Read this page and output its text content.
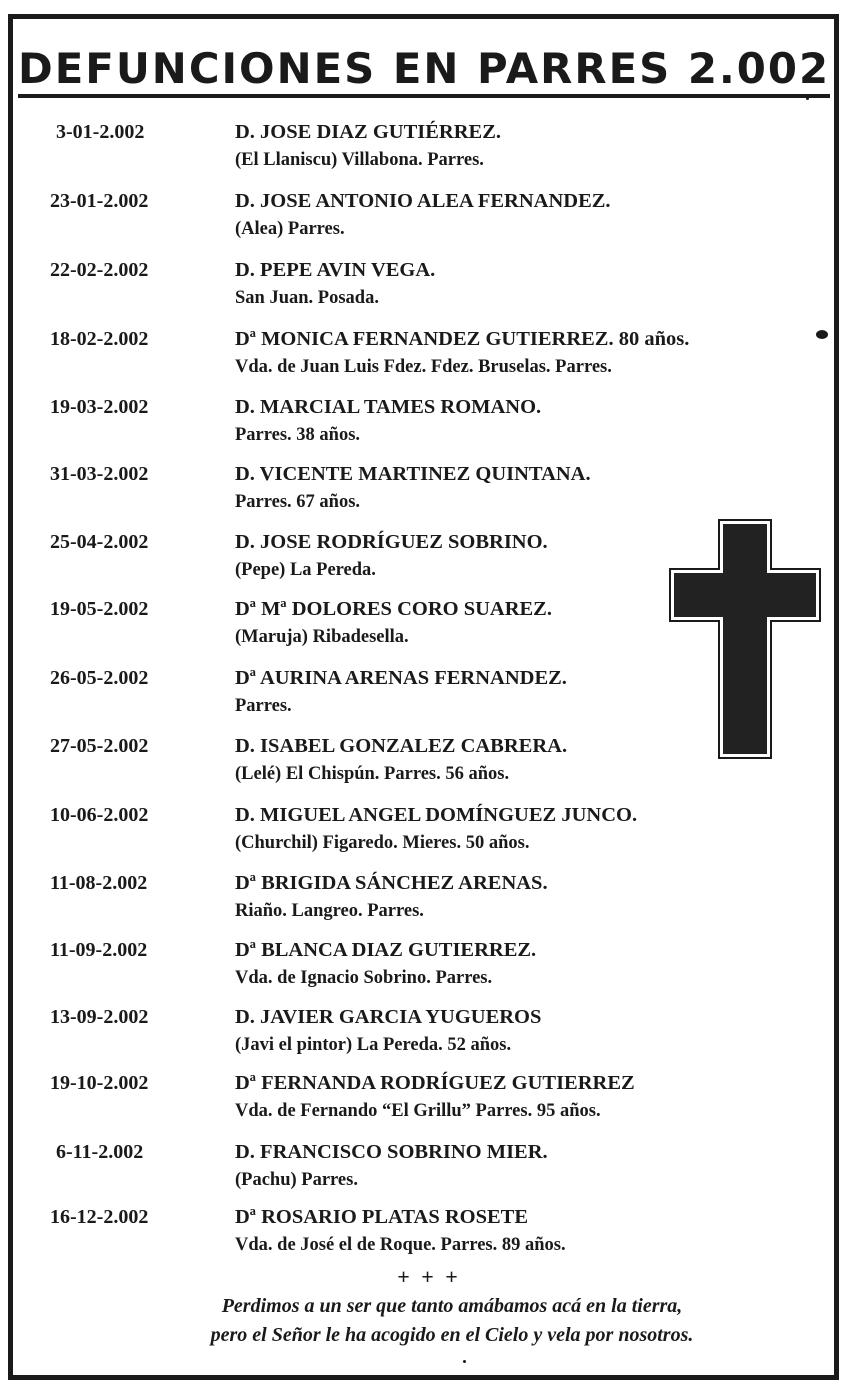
DEFUNCIONES EN PARRES 2.002
3-01-2.002	D. JOSE DIAZ GUTIÉRREZ.
(El Llaniscu) Villabona. Parres.
23-01-2.002	D. JOSE ANTONIO ALEA FERNANDEZ.
(Alea) Parres.
22-02-2.002	D. PEPE AVIN VEGA.
San Juan. Posada.
18-02-2.002	Dª MONICA FERNANDEZ GUTIERREZ. 80 años.
Vda. de Juan Luis Fdez. Fdez. Bruselas. Parres.
19-03-2.002	D. MARCIAL TAMES ROMANO.
Parres. 38 años.
31-03-2.002	D. VICENTE MARTINEZ QUINTANA.
Parres. 67 años.
25-04-2.002	D. JOSE RODRÍGUEZ SOBRINO.
(Pepe) La Pereda.
19-05-2.002	Dª Mª DOLORES CORO SUAREZ.
(Maruja) Ribadesella.
26-05-2.002	Dª AURINA ARENAS FERNANDEZ.
Parres.
27-05-2.002	D. ISABEL GONZALEZ CABRERA.
(Lelé) El Chispún. Parres. 56 años.
10-06-2.002	D. MIGUEL ANGEL DOMÍNGUEZ JUNCO.
(Churchil) Figaredo. Mieres. 50 años.
11-08-2.002	Dª BRIGIDA SÁNCHEZ ARENAS.
Riaño. Langreo. Parres.
11-09-2.002	Dª BLANCA DIAZ GUTIERREZ.
Vda. de Ignacio Sobrino. Parres.
13-09-2.002	D. JAVIER GARCIA YUGUEROS
(Javi el pintor) La Pereda. 52 años.
19-10-2.002	Dª FERNANDA RODRÍGUEZ GUTIERREZ
Vda. de Fernando “El Grillu” Parres. 95 años.
6-11-2.002	D. FRANCISCO SOBRINO MIER.
(Pachu) Parres.
16-12-2.002	Dª ROSARIO PLATAS ROSETE
Vda. de José el de Roque. Parres. 89 años.
+ + +
Perdimos a un ser que tanto amábamos acá en la tierra,
pero el Señor le ha acogido en el Cielo y vela por nosotros.
